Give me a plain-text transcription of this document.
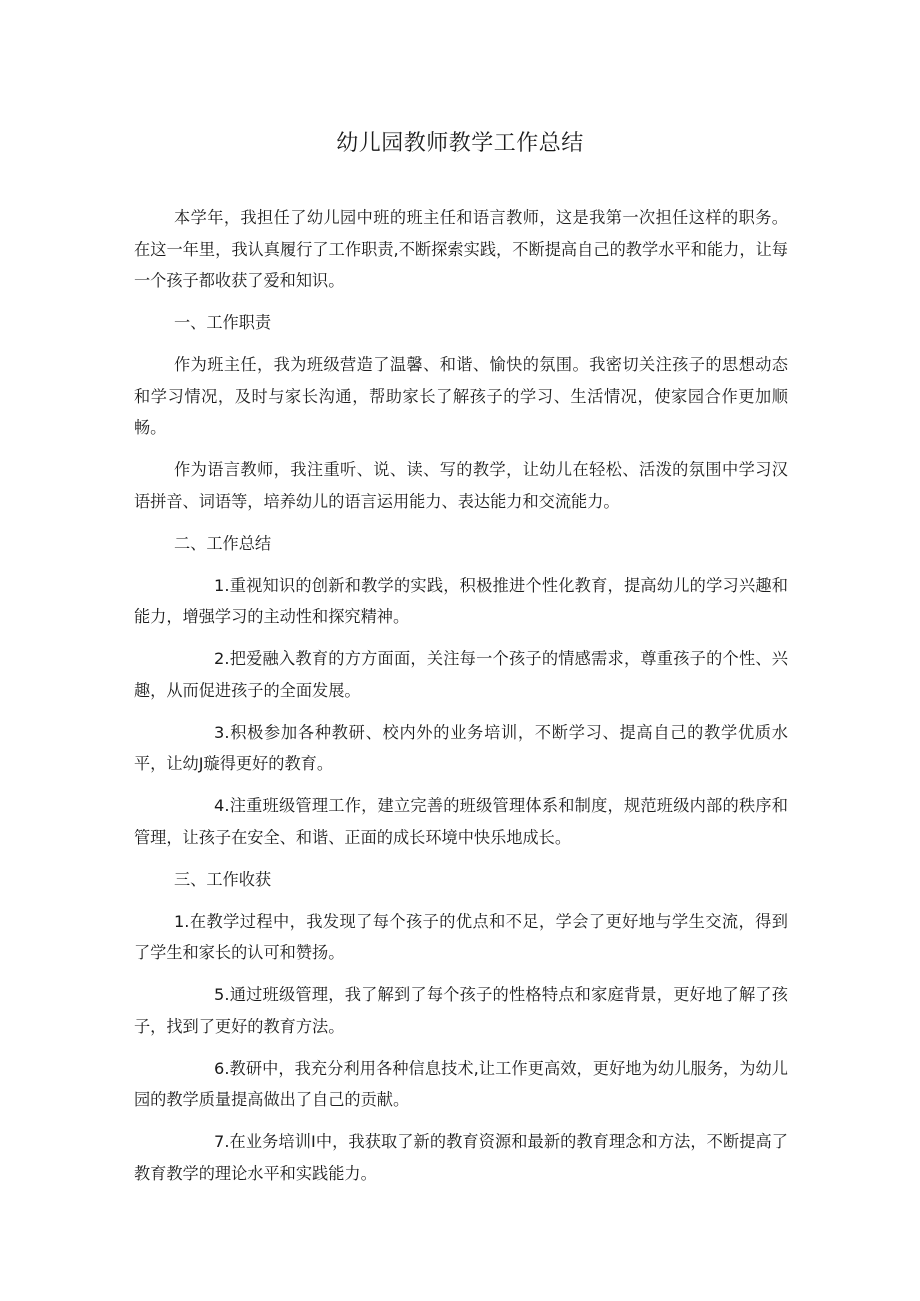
幼儿园教师教学工作总结

本学年，我担任了幼儿园中班的班主任和语言教师，这是我第一次担任这样的职务。在这一年里，我认真履行了工作职责,不断探索实践，不断提高自己的教学水平和能力，让每一个孩子都收获了爱和知识。

一、工作职责

作为班主任，我为班级营造了温馨、和谐、愉快的氛围。我密切关注孩子的思想动态和学习情况，及时与家长沟通，帮助家长了解孩子的学习、生活情况，使家园合作更加顺畅。

作为语言教师，我注重听、说、读、写的教学，让幼儿在轻松、活泼的氛围中学习汉语拼音、词语等，培养幼儿的语言运用能力、表达能力和交流能力。

二、工作总结

1.重视知识的创新和教学的实践，积极推进个性化教育，提高幼儿的学习兴趣和能力，增强学习的主动性和探究精神。

2.把爱融入教育的方方面面，关注每一个孩子的情感需求，尊重孩子的个性、兴趣，从而促进孩子的全面发展。

3.积极参加各种教研、校内外的业务培训，不断学习、提高自己的教学优质水平，让幼J璇得更好的教育。

4.注重班级管理工作，建立完善的班级管理体系和制度，规范班级内部的秩序和管理，让孩子在安全、和谐、正面的成长环境中快乐地成长。

三、工作收获

1.在教学过程中，我发现了每个孩子的优点和不足，学会了更好地与学生交流，得到了学生和家长的认可和赞扬。

5.通过班级管理，我了解到了每个孩子的性格特点和家庭背景，更好地了解了孩子，找到了更好的教育方法。

6.教研中，我充分利用各种信息技术,让工作更高效，更好地为幼儿服务，为幼儿园的教学质量提高做出了自己的贡献。

7.在业务培训I中，我获取了新的教育资源和最新的教育理念和方法，不断提高了教育教学的理论水平和实践能力。
